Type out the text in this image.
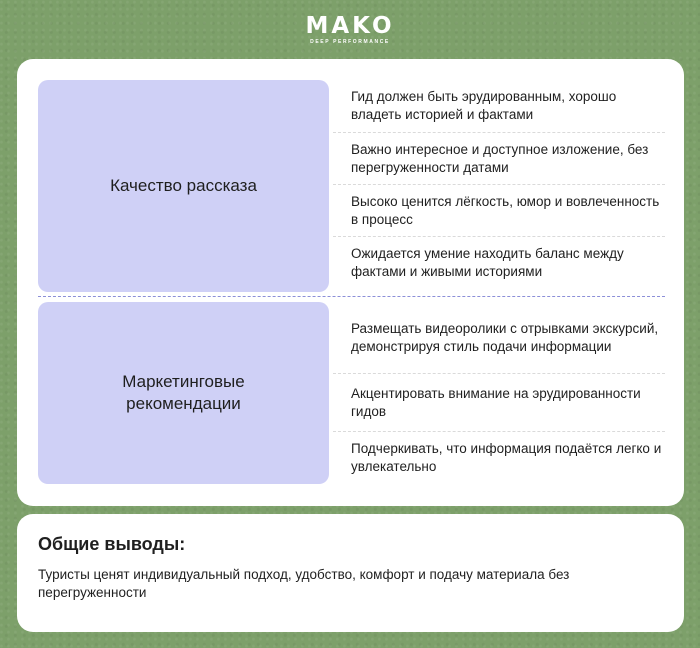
MAKO
DEEP PERFORMANCE
Качество рассказа
Гид должен быть эрудированным, хорошо владеть историей и фактами
Важно интересное и доступное изложение, без перегруженности датами
Высоко ценится лёгкость, юмор и вовлеченность в процесс
Ожидается умение находить баланс между фактами и живыми историями
Маркетинговые рекомендации
Размещать видеоролики с отрывками экскурсий, демонстрируя стиль подачи информации
Акцентировать внимание на эрудированности гидов
Подчеркивать, что информация подаётся легко и увлекательно
Общие выводы:
Туристы ценят индивидуальный подход, удобство, комфорт и подачу материала без перегруженности
